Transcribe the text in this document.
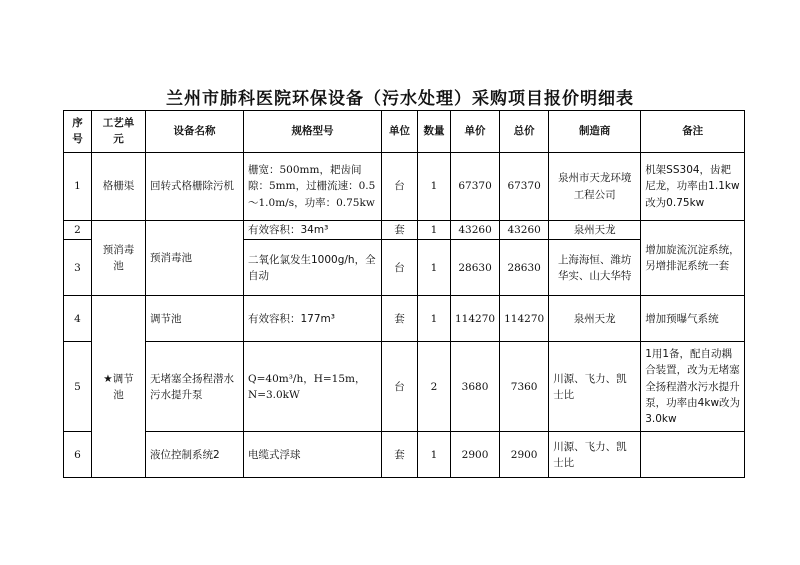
兰州市肺科医院环保设备（污水处理）采购项目报价明细表
序号	工艺单元	设备名称	规格型号	单位	数量	单价	总价	制造商	备注
1	格栅渠	回转式格栅除污机	栅宽：500mm，耙齿间隙：5mm，过栅流速：0.5～1.0m/s，功率：0.75kw	台	1	67370	67370	泉州市天龙环境工程公司	机架SS304，齿耙尼龙，功率由1.1kw改为0.75kw
2	预消毒池	预消毒池	有效容积：34m³	套	1	43260	43260	泉州天龙	增加旋流沉淀系统，另增排泥系统一套
3			二氧化氯发生1000g/h，全自动	台	1	28630	28630	上海海恒、潍坊华实、山大华特	
4	★调节池	调节池	有效容积：177m³	套	1	114270	114270	泉州天龙	增加预曝气系统
5		无堵塞全扬程潜水污水提升泵	Q=40m³/h，H=15m，N=3.0kW	台	2	3680	7360	川源、飞力、凯士比	1用1备，配自动耦合装置，改为无堵塞全扬程潜水污水提升泵，功率由4kw改为3.0kw
6		液位控制系统2	电缆式浮球	套	1	2900	2900	川源、飞力、凯士比	
